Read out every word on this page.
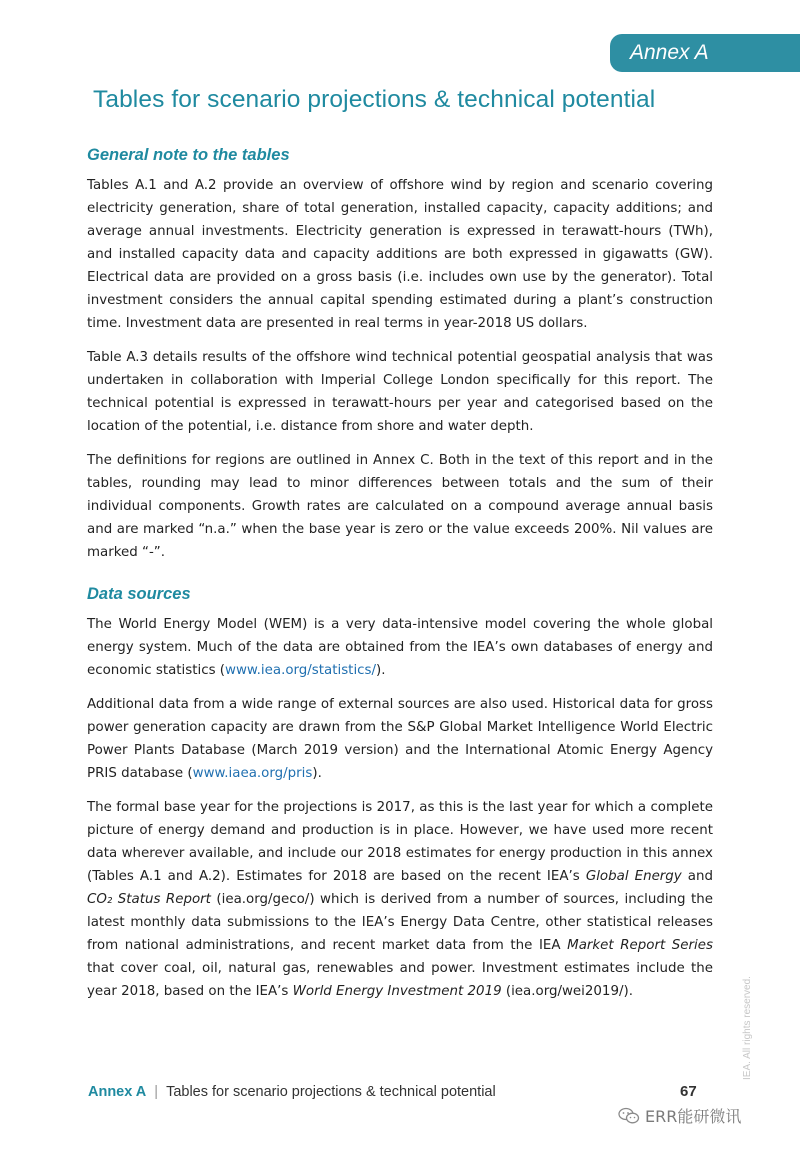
Annex A
Tables for scenario projections & technical potential
General note to the tables

Tables A.1 and A.2 provide an overview of offshore wind by region and scenario covering electricity generation, share of total generation, installed capacity, capacity additions; and average annual investments. Electricity generation is expressed in terawatt-hours (TWh), and installed capacity data and capacity additions are both expressed in gigawatts (GW). Electrical data are provided on a gross basis (i.e. includes own use by the generator). Total investment considers the annual capital spending estimated during a plant’s construction time. Investment data are presented in real terms in year-2018 US dollars.

Table A.3 details results of the offshore wind technical potential geospatial analysis that was undertaken in collaboration with Imperial College London specifically for this report. The technical potential is expressed in terawatt-hours per year and categorised based on the location of the potential, i.e. distance from shore and water depth.

The definitions for regions are outlined in Annex C. Both in the text of this report and in the tables, rounding may lead to minor differences between totals and the sum of their individual components. Growth rates are calculated on a compound average annual basis and are marked “n.a.” when the base year is zero or the value exceeds 200%. Nil values are marked “-”.

Data sources

The World Energy Model (WEM) is a very data-intensive model covering the whole global energy system. Much of the data are obtained from the IEA’s own databases of energy and economic statistics (www.iea.org/statistics/).

Additional data from a wide range of external sources are also used. Historical data for gross power generation capacity are drawn from the S&P Global Market Intelligence World Electric Power Plants Database (March 2019 version) and the International Atomic Energy Agency PRIS database (www.iaea.org/pris).

The formal base year for the projections is 2017, as this is the last year for which a complete picture of energy demand and production is in place. However, we have used more recent data wherever available, and include our 2018 estimates for energy production in this annex (Tables A.1 and A.2). Estimates for 2018 are based on the recent IEA’s Global Energy and CO₂ Status Report (iea.org/geco/) which is derived from a number of sources, including the latest monthly data submissions to the IEA’s Energy Data Centre, other statistical releases from national administrations, and recent market data from the IEA Market Report Series that cover coal, oil, natural gas, renewables and power. Investment estimates include the year 2018, based on the IEA’s World Energy Investment 2019 (iea.org/wei2019/).

Annex A | Tables for scenario projections & technical potential	67
IEA. All rights reserved.
ERR能研微讯
